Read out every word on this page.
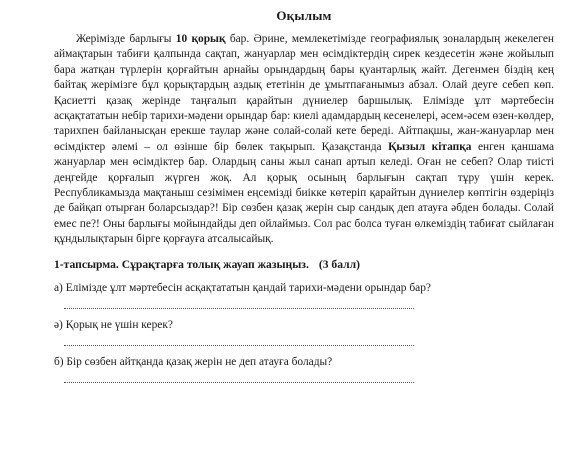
Оқылым

Жерімізде барлығы 10 қорық бар. Әрине, мемлекетімізде географиялық зоналардың жекелеген аймақтарын табиғи қалпында сақтап, жануарлар мен өсімдіктердің сирек кездесетін және жойылып бара жатқан түрлерін қорғайтын арнайы орындардың бары қуантарлық жайт. Дегенмен біздің кең байтақ жерімізге бұл қорықтардың аздық ететінін де ұмытпағанымыз абзал. Олай деуге себеп көп. Қасиетті қазақ жерінде таңғалып қарайтын дүниелер баршылық. Елімізде ұлт мәртебесін асқақтататын небір тарихи-мәдени орындар бар: киелі адамдардың кесенелері, әсем-әсем өзен-көлдер, тарихпен байланысқан ерекше таулар және солай-солай кете береді. Айтпақшы, жан-жануарлар мен өсімдіктер әлемі – ол өзінше бір бөлек тақырып. Қазақстанда Қызыл кітапқа енген қаншама жануарлар мен өсімдіктер бар. Олардың саны жыл санап артып келеді. Оған не себеп? Олар тиісті деңгейде қорғалып жүрген жоқ. Ал қорық осының барлығын сақтап тұру үшін керек. Республикамызда мақтаныш сезімімен еңсемізді биікке көтеріп қарайтын дүниелер көптігін өздеріңіз де байқап отырған боларсыздар?! Бір сөзбен қазақ жерін сыр сандық деп атауға әбден болады. Солай емес пе?! Оны барлығы мойындайды деп ойлаймыз. Сол рас болса туған өлкеміздің табиғат сыйлаған құндылықтарын бірге қорғауға атсалысайық.

1-тапсырма. Сұрақтарға толық жауап жазыңыз. (3 балл)
а) Елімізде ұлт мәртебесін асқақтататын қандай тарихи-мәдени орындар бар?
ә) Қорық не үшін керек?
б) Бір сөзбен айтқанда қазақ жерін не деп атауға болады?
